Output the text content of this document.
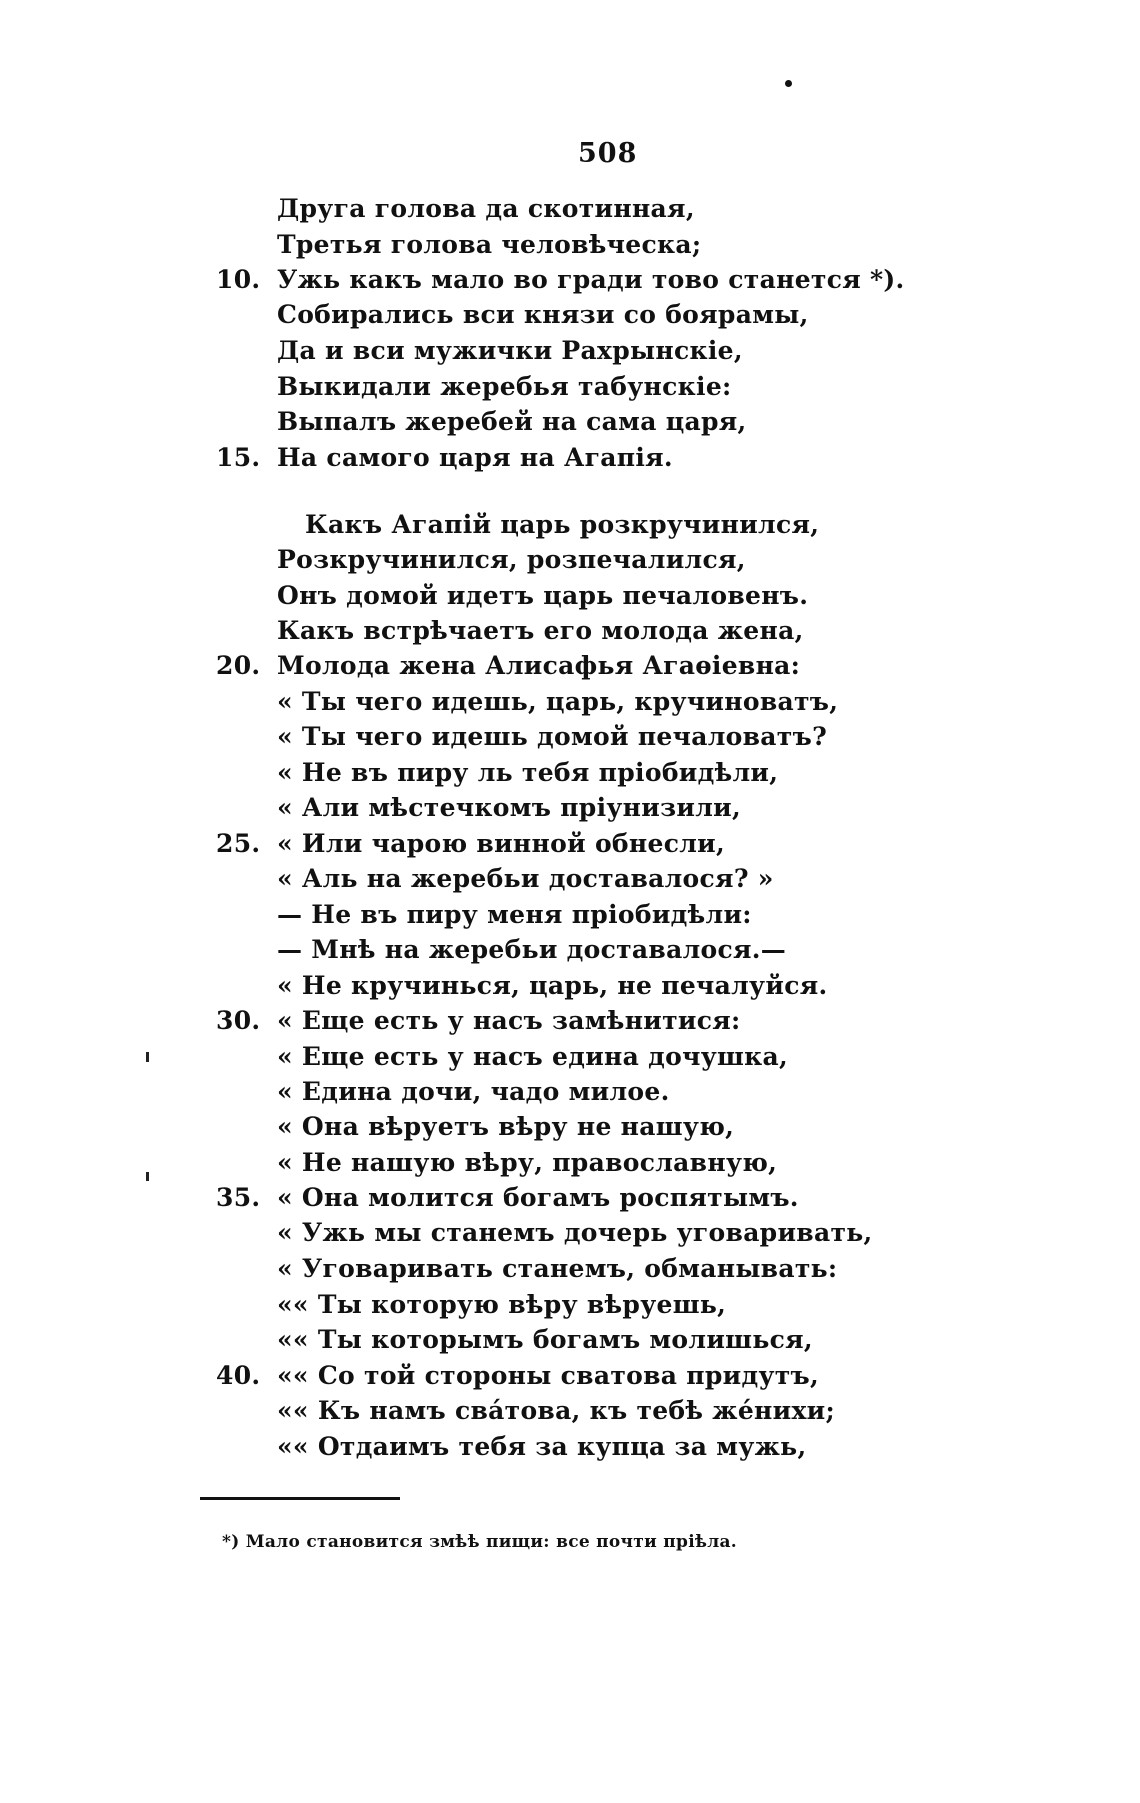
508
Друга голова да скотинная,
Третья голова человѣческа;
10. Ужь какъ мало во гради тово станется *).
Собирались вси князи со боярамы,
Да и вси мужички Рахрынскіе,
Выкидали жеребья табунскіе:
Выпалъ жеребей на сама царя,
15. На самого царя на Агапія.
Какъ Агапій царь розкручинился,
Розкручинился, розпечалился,
Онъ домой идетъ царь печаловенъ.
Какъ встрѣчаетъ его молода жена,
20. Молода жена Алисафья Агаѳіевна:
« Ты чего идешь, царь, кручиноватъ,
« Ты чего идешь домой печаловатъ?
« Не въ пиру ль тебя пріобидѣли,
« Али мѣстечкомъ пріунизили,
25. « Или чарою винной обнесли,
« Аль на жеребьи доставалося? »
— Не въ пиру меня пріобидѣли:
— Мнѣ на жеребьи доставалося.—
« Не кручинься, царь, не печалуйся.
30. « Еще есть у насъ замѣнитися:
« Еще есть у насъ едина дочушка,
« Едина дочи, чадо милое.
« Она вѣруетъ вѣру не нашую,
« Не нашую вѣру, православную,
35. « Она молится богамъ роспятымъ.
« Ужь мы станемъ дочерь уговаривать,
« Уговаривать станемъ, обманывать:
«« Ты которую вѣру вѣруешь,
«« Ты которымъ богамъ молишься,
40. «« Со той стороны сватова придутъ,
«« Къ намъ сва́това, къ тебѣ же́нихи;
«« Отдаимъ тебя за купца за мужь,
*) Мало становится змѣѣ пищи: все почти пріѣла.
